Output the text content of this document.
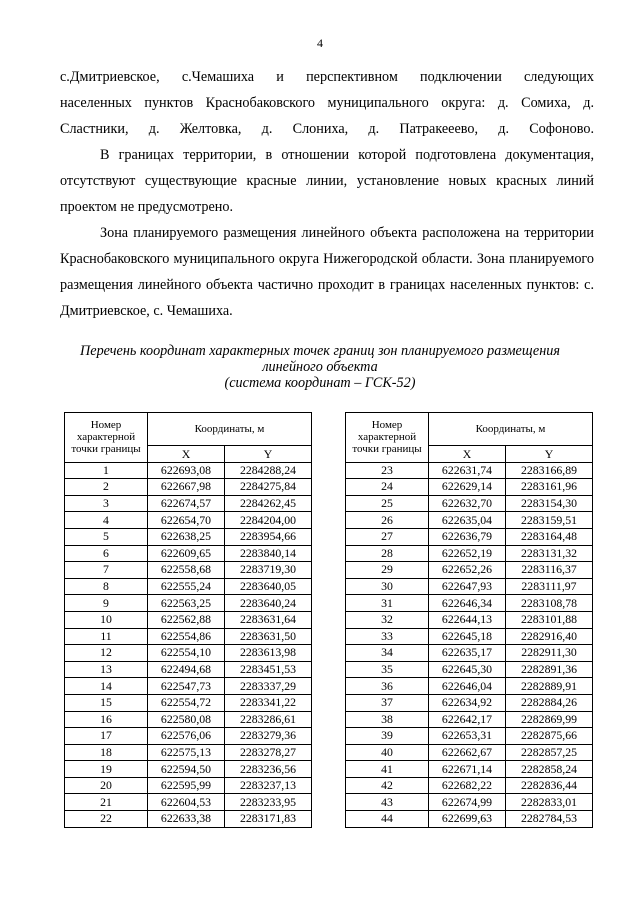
4
с.Дмитриевское, с.Чемашиха и перспективном подключении следующих
населенных пунктов Краснобаковского муниципального округа: д. Сомиха, д.
Сластники, д. Желтовка, д. Слониха, д. Патракееево, д. Софоново.

В границах территории, в отношении которой подготовлена документация, отсутствуют существующие красные линии, установление новых красных линий проектом не предусмотрено.

Зона планируемого размещения линейного объекта расположена на территории Краснобаковского муниципального округа Нижегородской области. Зона планируемого размещения линейного объекта частично проходит в границах населенных пунктов: с. Дмитриевское, с. Чемашиха.

Перечень координат характерных точек границ зон планируемого размещения
линейного объекта
(система координат – ГСК-52)
Номер характерной точки границы	Координаты, м	
	X	Y
1	622693,08	2284288,24
2	622667,98	2284275,84
3	622674,57	2284262,45
4	622654,70	2284204,00
5	622638,25	2283954,66
6	622609,65	2283840,14
7	622558,68	2283719,30
8	622555,24	2283640,05
9	622563,25	2283640,24
10	622562,88	2283631,64
11	622554,86	2283631,50
12	622554,10	2283613,98
13	622494,68	2283451,53
14	622547,73	2283337,29
15	622554,72	2283341,22
16	622580,08	2283286,61
17	622576,06	2283279,36
18	622575,13	2283278,27
19	622594,50	2283236,56
20	622595,99	2283237,13
21	622604,53	2283233,95
22	622633,38	2283171,83
Номер характерной точки границы	Координаты, м	
	X	Y
23	622631,74	2283166,89
24	622629,14	2283161,96
25	622632,70	2283154,30
26	622635,04	2283159,51
27	622636,79	2283164,48
28	622652,19	2283131,32
29	622652,26	2283116,37
30	622647,93	2283111,97
31	622646,34	2283108,78
32	622644,13	2283101,88
33	622645,18	2282916,40
34	622635,17	2282911,30
35	622645,30	2282891,36
36	622646,04	2282889,91
37	622634,92	2282884,26
38	622642,17	2282869,99
39	622653,31	2282875,66
40	622662,67	2282857,25
41	622671,14	2282858,24
42	622682,22	2282836,44
43	622674,99	2282833,01
44	622699,63	2282784,53
